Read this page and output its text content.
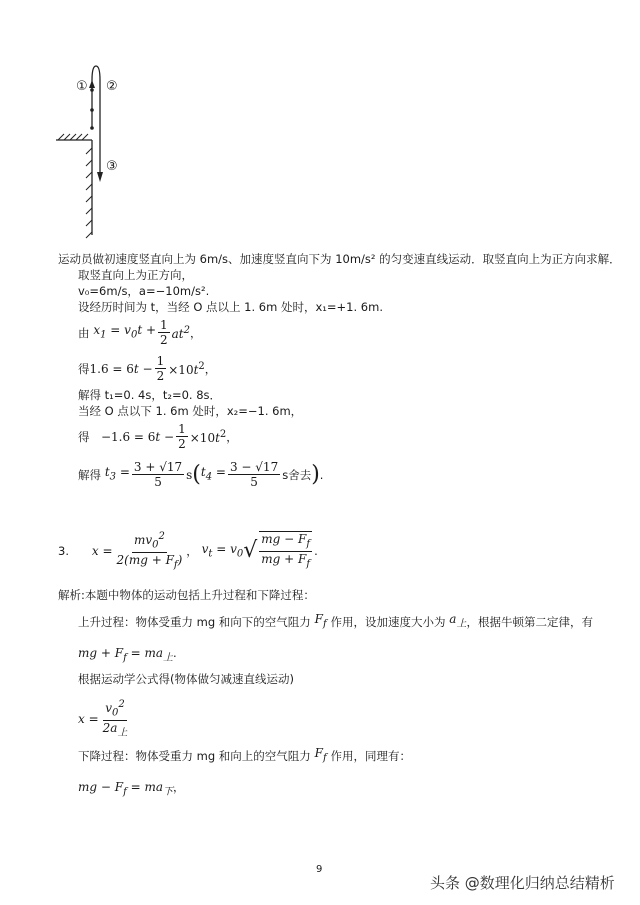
① ②
③
运动员做初速度竖直向上为 6m/s、加速度竖直向下为 10m/s² 的匀变速直线运动．取竖直向上为正方向求解．
取竖直向上为正方向，
v₀=6m/s，a=−10m/s².
设经历时间为 t，当经 O 点以上 1. 6m 处时，x₁=+1. 6m.
由 $x_1 = v_0t + \frac{1}{2} at^2$ ，
得 $1.6 = 6t - \frac{1}{2} \times 10t^2$ ，
解得 t₁=0. 4s，t₂=0. 8s．
当经 O 点以下 1. 6m 处时，x₂=−1. 6m，
得 $-1.6 = 6t - \frac{1}{2} \times 10t^2$ ，
解得 $t_3 = \frac{3 + √17}{5}$ s ( $t_4 = \frac{3 - √17}{5}$ s舍去 ) .
3. $x = \frac{mv_0^2}{2(mg + F_f)}$ ， $v_t = v_0$ √ $\frac{mg - F_f}{mg + F_f}$ .
解析:本题中物体的运动包括上升过程和下降过程：
上升过程：物体受重力 mg 和向下的空气阻力 $F_f$ 作用，设加速度大小为 $a_上$ ，根据牛顿第二定律，有
mg + $F_f = ma_上$.
根据运动学公式得(物体做匀减速直线运动)
$x = \frac{v_0^2}{2a_上}$
下降过程：物体受重力 mg 和向上的空气阻力 $F_f$ 作用，同理有：
mg − $F_f = ma_下$，
9
头条 @数理化归纳总结精析
